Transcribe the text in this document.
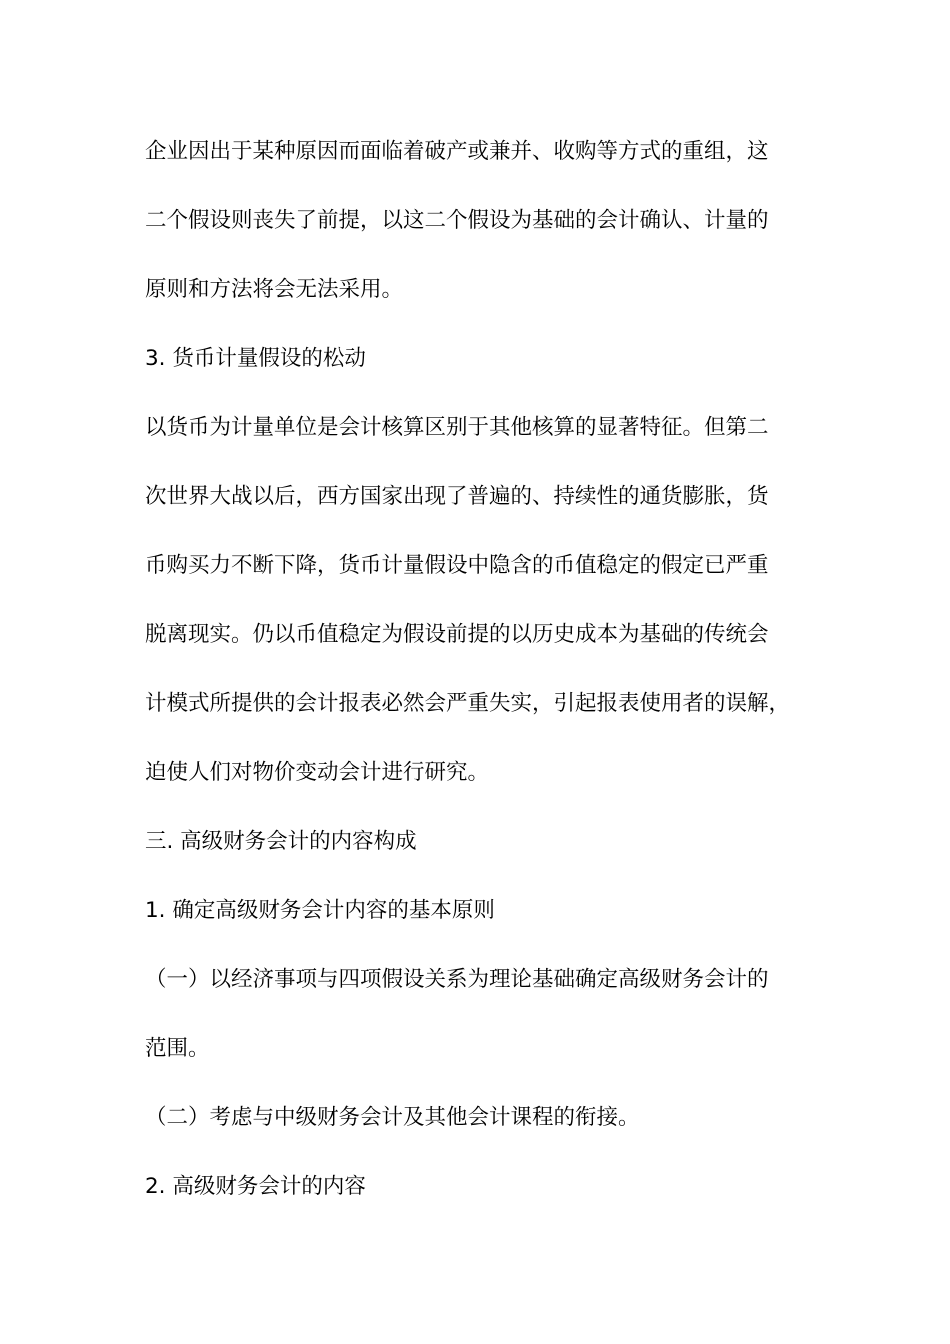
企业因出于某种原因而面临着破产或兼并、收购等方式的重组，这
二个假设则丧失了前提，以这二个假设为基础的会计确认、计量的
原则和方法将会无法采用。
3. 货币计量假设的松动
以货币为计量单位是会计核算区别于其他核算的显著特征。但第二
次世界大战以后，西方国家出现了普遍的、持续性的通货膨胀，货
币购买力不断下降，货币计量假设中隐含的币值稳定的假定已严重
脱离现实。仍以币值稳定为假设前提的以历史成本为基础的传统会
计模式所提供的会计报表必然会严重失实，引起报表使用者的误解，
迫使人们对物价变动会计进行研究。
三. 高级财务会计的内容构成
1. 确定高级财务会计内容的基本原则
（一）以经济事项与四项假设关系为理论基础确定高级财务会计的
范围。
（二）考虑与中级财务会计及其他会计课程的衔接。
2. 高级财务会计的内容
